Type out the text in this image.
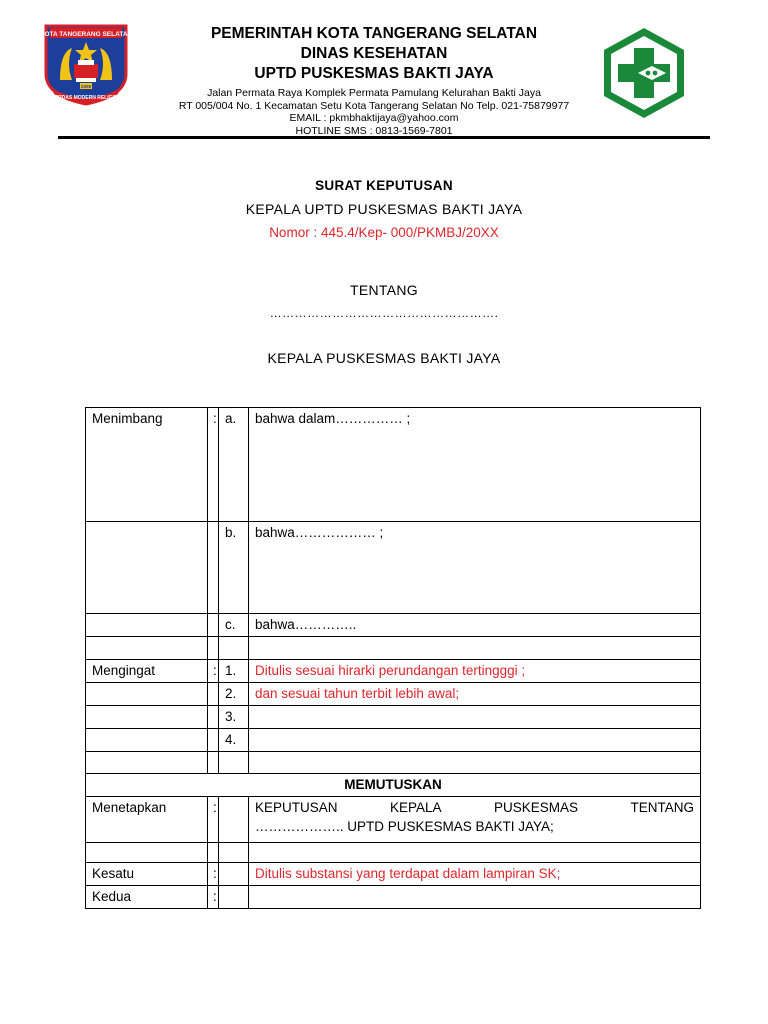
KOTA TANGERANG SELATAN
2008
CERDAS MODERN RELIGIUS
PEMERINTAH KOTA TANGERANG SELATAN
DINAS KESEHATAN
UPTD PUSKESMAS BAKTI JAYA
Jalan Permata Raya Komplek Permata Pamulang Kelurahan Bakti Jaya
RT 005/004 No. 1 Kecamatan Setu Kota Tangerang Selatan No Telp. 021-75879977
EMAIL : pkmbhaktijaya@yahoo.com
HOTLINE SMS : 0813-1569-7801
SURAT KEPUTUSAN
KEPALA UPTD PUSKESMAS BAKTI JAYA
Nomor : 445.4/Kep- 000/PKMBJ/20XX
TENTANG
……………………………………………….
KEPALA PUSKESMAS BAKTI JAYA
Menimbang	:	a.	bahwa dalam…………… ;
		b.	bahwa……………… ;
		c.	bahwa…………..

Mengingat	:	1.	Ditulis sesuai hirarki perundangan tertingggi ;
		2.	dan sesuai tahun terbit lebih awal;
		3.	
		4.	

MEMUTUSKAN			
Menetapkan	:		KEPUTUSAN KEPALA PUSKESMAS TENTANG
……………….. UPTD PUSKESMAS BAKTI JAYA;

Kesatu	:		Ditulis substansi yang terdapat dalam lampiran SK;
Kedua	:		
